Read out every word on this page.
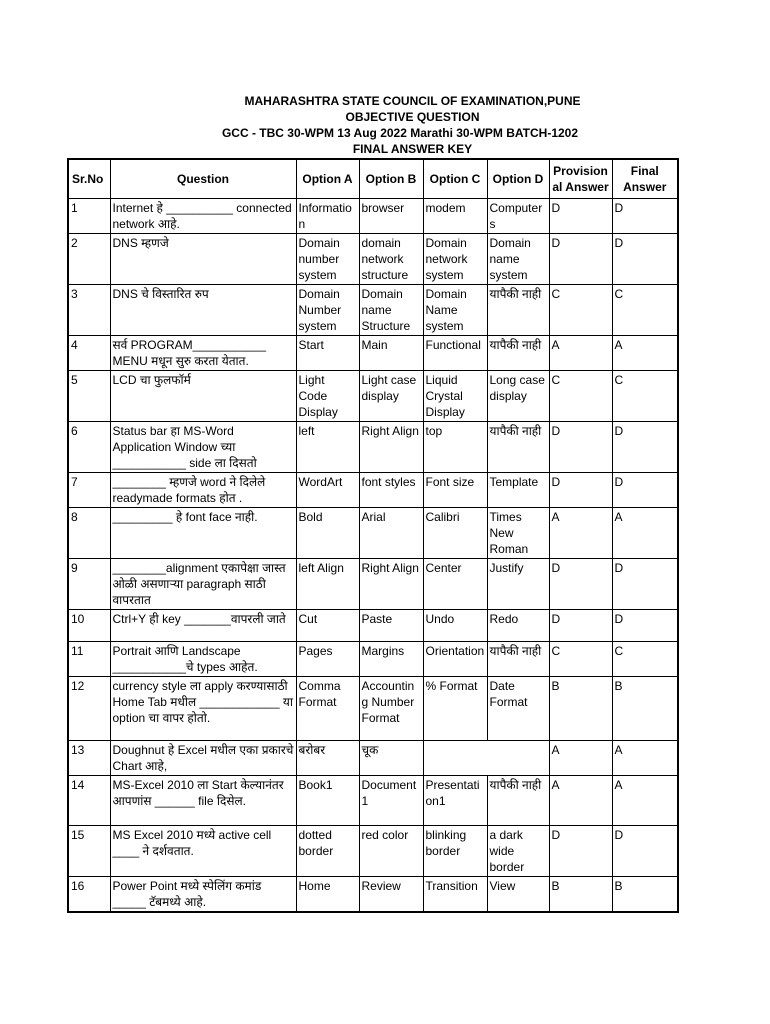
MAHARASHTRA STATE COUNCIL OF EXAMINATION,PUNE
OBJECTIVE QUESTION
GCC - TBC 30-WPM 13 Aug 2022 Marathi 30-WPM BATCH-1202
FINAL ANSWER KEY
Sr.No	Question	Option A	Option B	Option C	Option D	Provisional Answer	Final Answer
1	Internet हे __________ connected network आहे.	Information	browser	modem	Computers	D	D
2	DNS म्हणजे	Domain number system	domain network structure	Domain network system	Domain name system	D	D
3	DNS चे विस्तारित रुप	Domain Number system	Domain name Structure	Domain Name system	यापैकी नाही	C	C
4	सर्व PROGRAM___________ MENU मधून सुरु करता येतात.	Start	Main	Functional	यापैकी नाही	A	A
5	LCD चा फुलफॉर्म	Light Code Display	Light case display	Liquid Crystal Display	Long case display	C	C
6	Status bar हा MS-Word Application Window च्या ___________ side ला दिसतो	left	Right Align	top	यापैकी नाही	D	D
7	________ म्हणजे word ने दिलेले readymade formats होत .	WordArt	font styles	Font size	Template	D	D
8	_________ हे font face नाही.	Bold	Arial	Calibri	Times New Roman	A	A
9	________alignment एकापेक्षा जास्त ओळी असणाऱ्या paragraph साठी वापरतात	left Align	Right Align	Center	Justify	D	D
10	Ctrl+Y ही key _______वापरली जाते	Cut	Paste	Undo	Redo	D	D
11	Portrait आणि Landscape ___________चे types आहेत.	Pages	Margins	Orientation	यापैकी नाही	C	C
12	currency style ला apply करण्यासाठी Home Tab मधील ____________ या option चा वापर होतो.	Comma Format	Accounting Number Format	% Format	Date Format	B	B
13	Doughnut हे Excel मधील एका प्रकारचे Chart आहे,	बरोबर	चूक			A	A
14	MS-Excel 2010 ला Start केल्यानंतर आपणांस ______ file दिसेल.	Book1	Document 1	Presentation1	यापैकी नाही	A	A
15	MS Excel 2010 मध्ये active cell ____ ने दर्शवतात.	dotted border	red color	blinking border	a dark wide border	D	D
16	Power Point मध्ये स्पेलिंग कमांड _____ टॅबमध्ये आहे.	Home	Review	Transition	View	B	B
